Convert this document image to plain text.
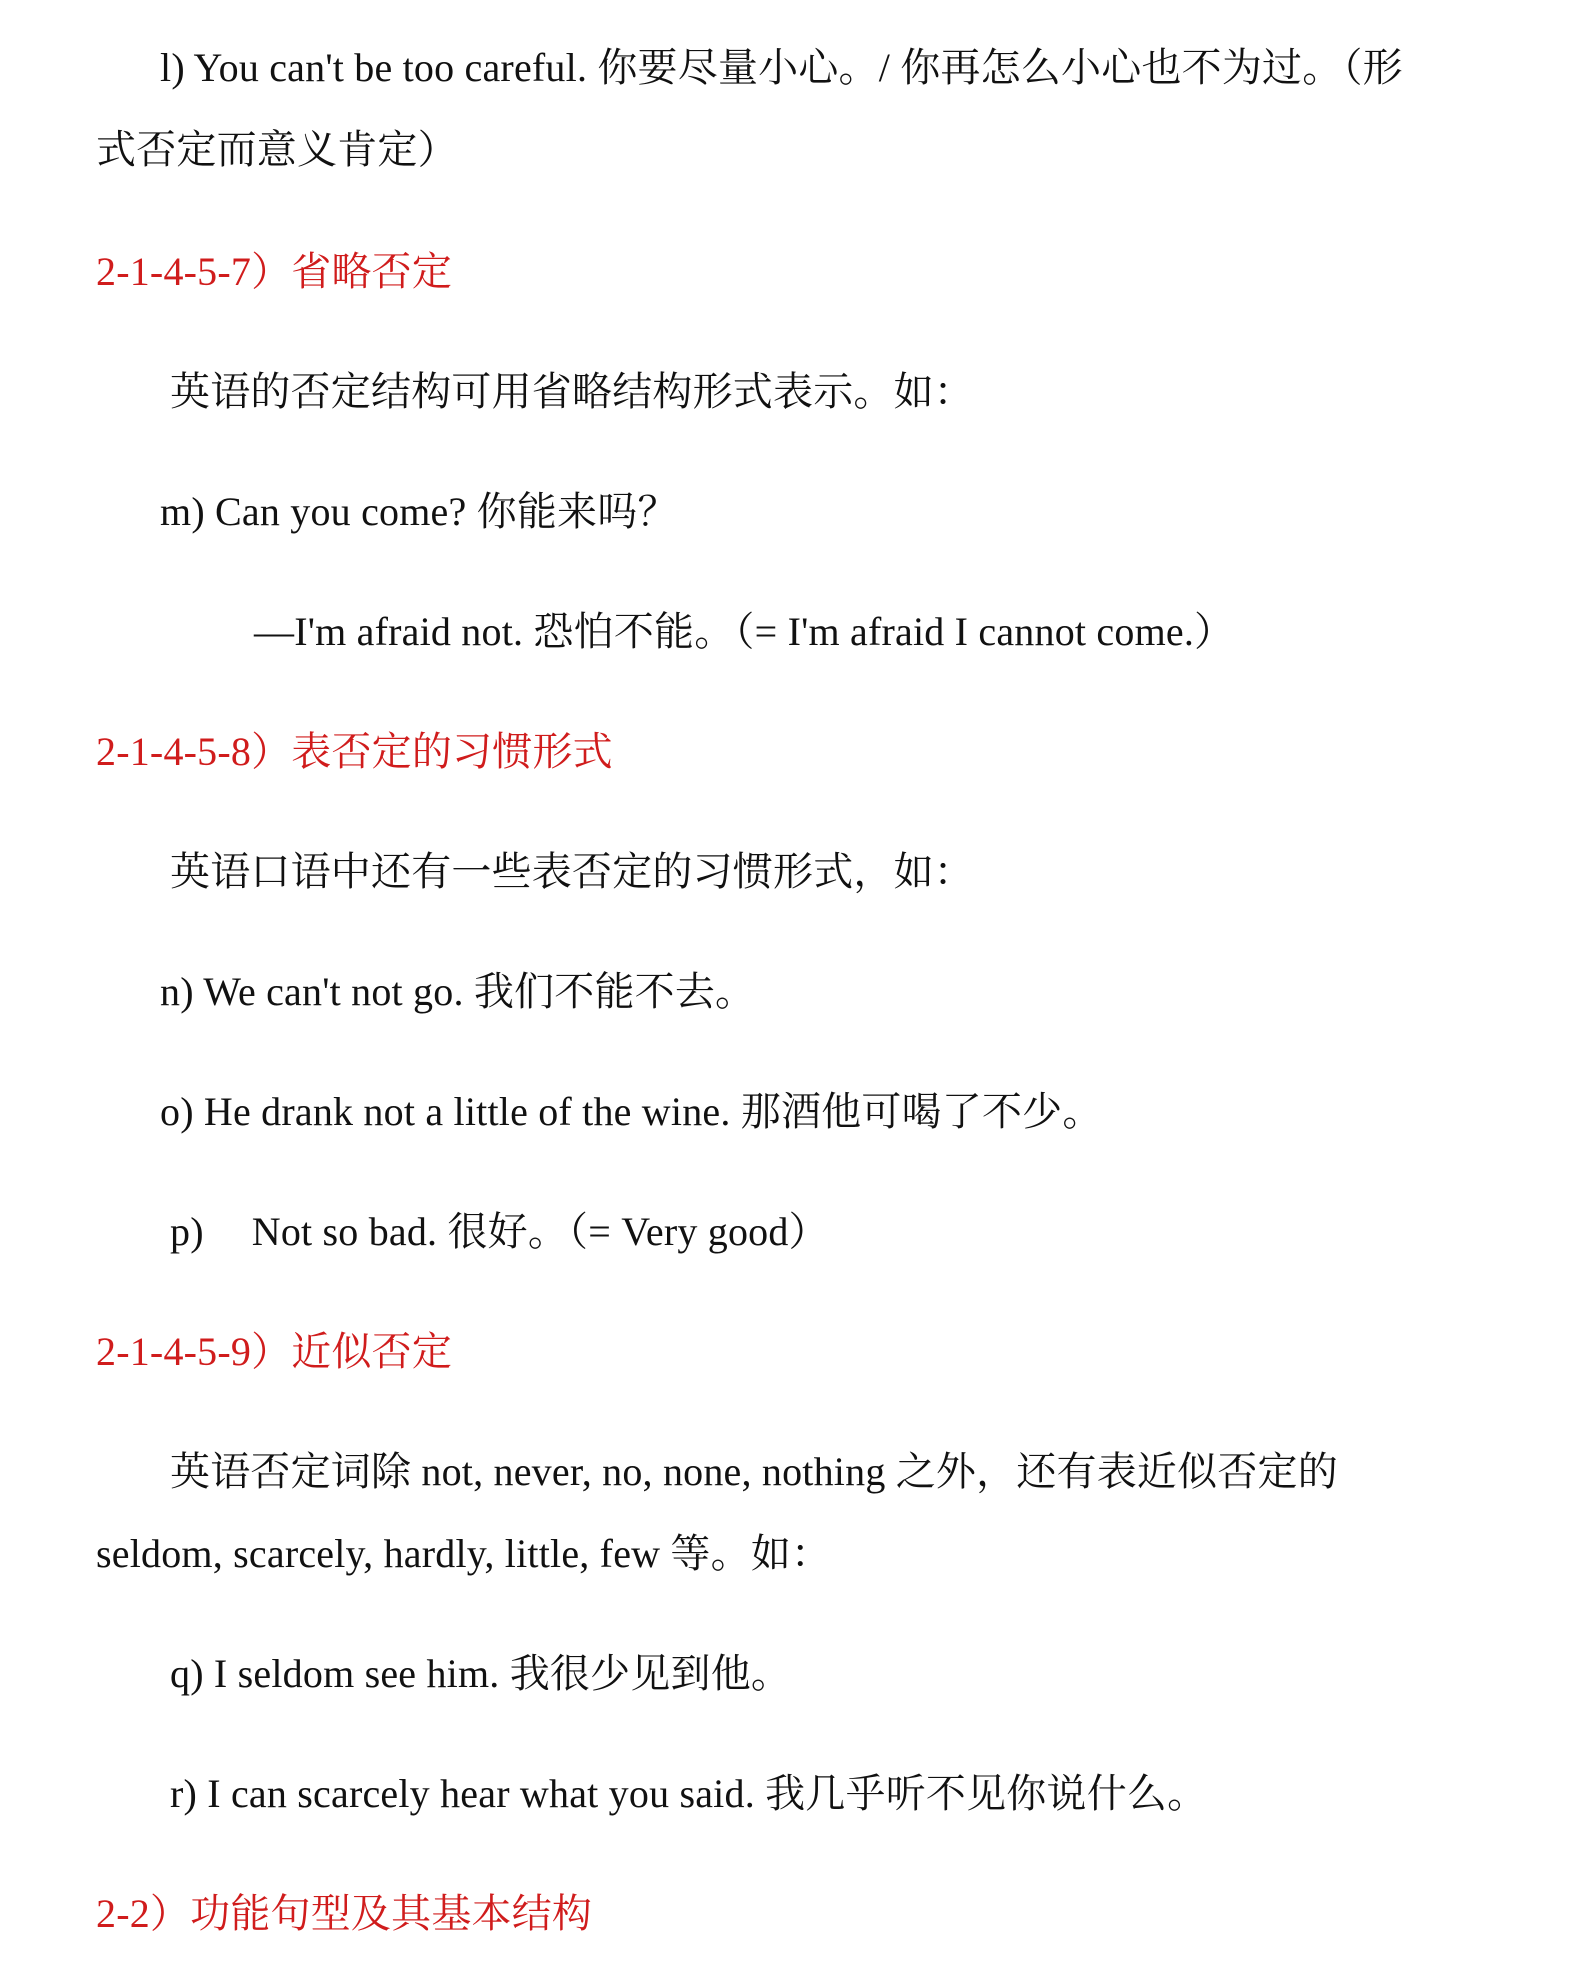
l) You can't be too careful. 你要尽量小心。/ 你再怎么小心也不为过。（形
式否定而意义肯定）
2-1-4-5-7）省略否定
英语的否定结构可用省略结构形式表示。如：
m) Can you come? 你能来吗？
—I'm afraid not. 恐怕不能。（= I'm afraid I cannot come.）
2-1-4-5-8）表否定的习惯形式
英语口语中还有一些表否定的习惯形式，如：
n) We can't not go. 我们不能不去。
o) He drank not a little of the wine. 那酒他可喝了不少。
p) Not so bad. 很好。（= Very good）
2-1-4-5-9）近似否定
英语否定词除 not, never, no, none, nothing 之外，还有表近似否定的
seldom, scarcely, hardly, little, few 等。如：
q) I seldom see him. 我很少见到他。
r) I can scarcely hear what you said. 我几乎听不见你说什么。
2-2）功能句型及其基本结构
